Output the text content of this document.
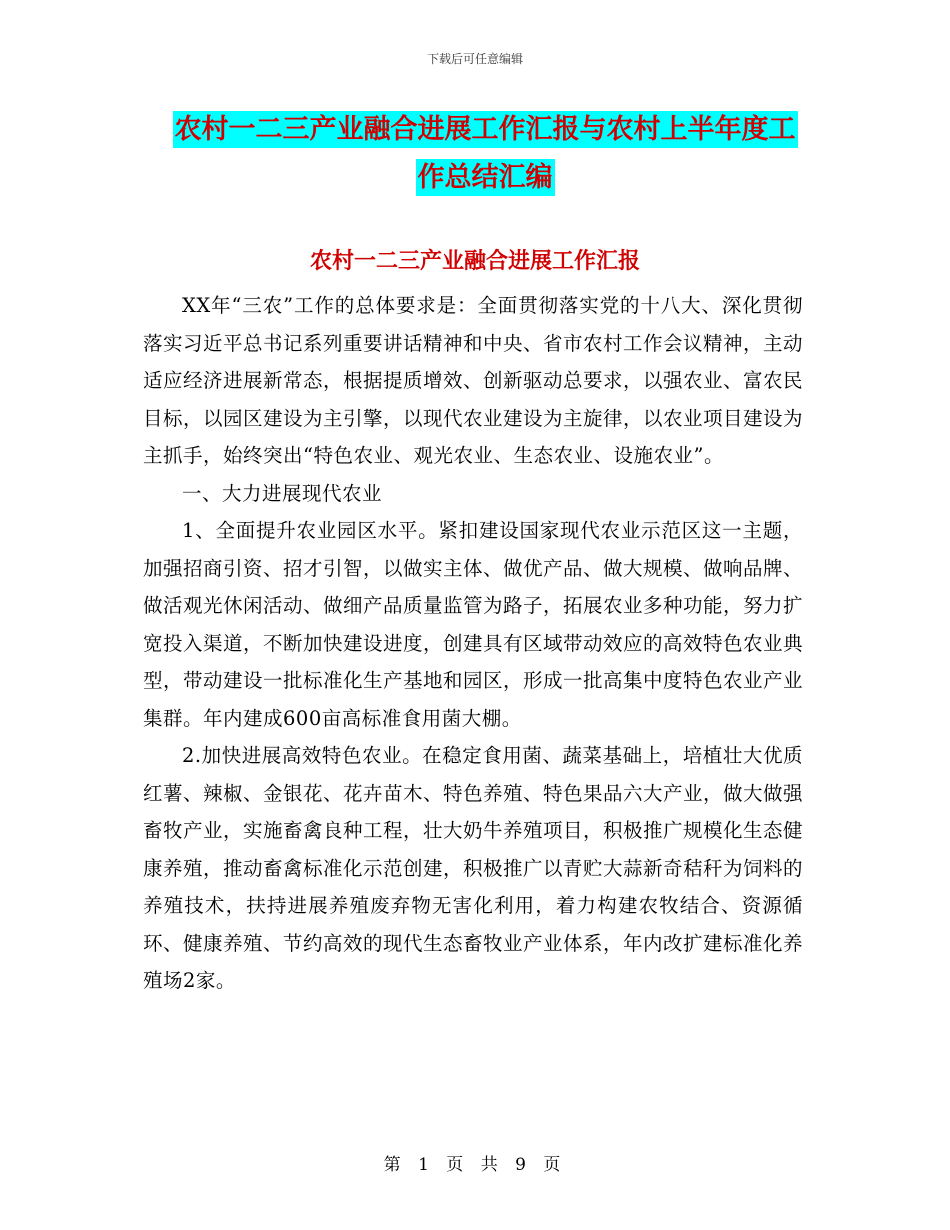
下载后可任意编辑
农村一二三产业融合进展工作汇报与农村上半年度工
作总结汇编
农村一二三产业融合进展工作汇报

XX年“三农”工作的总体要求是：全面贯彻落实党的十八大、深化贯彻落实习近平总书记系列重要讲话精神和中央、省市农村工作会议精神，主动适应经济进展新常态，根据提质增效、创新驱动总要求，以强农业、富农民目标，以园区建设为主引擎，以现代农业建设为主旋律，以农业项目建设为主抓手，始终突出“特色农业、观光农业、生态农业、设施农业”。

一、大力进展现代农业

1、全面提升农业园区水平。紧扣建设国家现代农业示范区这一主题，加强招商引资、招才引智，以做实主体、做优产品、做大规模、做响品牌、做活观光休闲活动、做细产品质量监管为路子，拓展农业多种功能，努力扩宽投入渠道，不断加快建设进度，创建具有区域带动效应的高效特色农业典型，带动建设一批标准化生产基地和园区，形成一批高集中度特色农业产业集群。年内建成600亩高标准食用菌大棚。

2.加快进展高效特色农业。在稳定食用菌、蔬菜基础上，培植壮大优质红薯、辣椒、金银花、花卉苗木、特色养殖、特色果品六大产业，做大做强畜牧产业，实施畜禽良种工程，壮大奶牛养殖项目，积极推广规模化生态健康养殖，推动畜禽标准化示范创建，积极推广以青贮大蒜新奇秸秆为饲料的养殖技术，扶持进展养殖废弃物无害化利用，着力构建农牧结合、资源循环、健康养殖、节约高效的现代生态畜牧业产业体系，年内改扩建标准化养殖场2家。

第 1 页 共 9 页
